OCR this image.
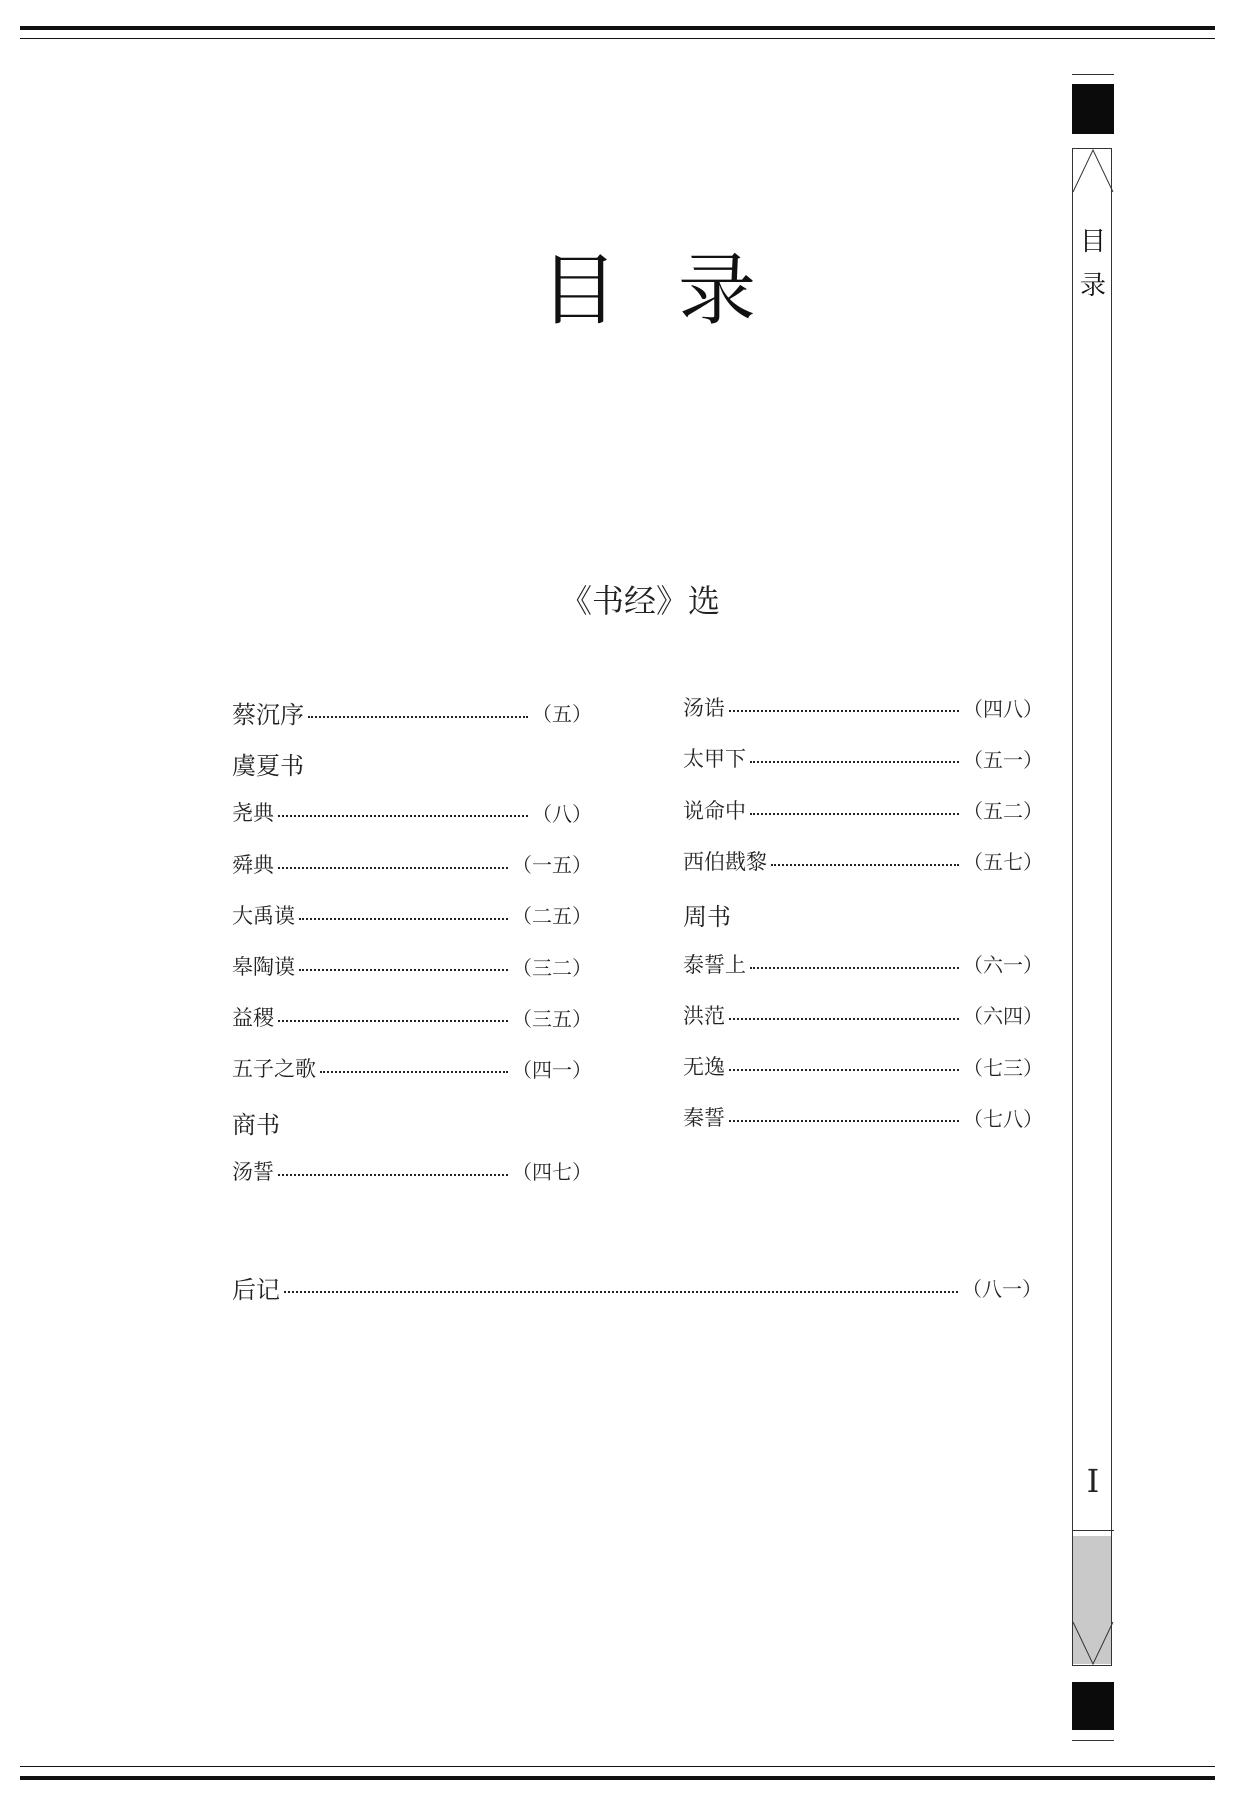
目
录
I
目录
《书经》选
蔡沉序	（五）
虞夏书
尧典	（八）
舜典	（一五）
大禹谟	（二五）
皋陶谟	（三二）
益稷	（三五）
五子之歌	（四一）
商书
汤誓	（四七）
汤诰	（四八）
太甲下	（五一）
说命中	（五二）
西伯戡黎	（五七）
周书
泰誓上	（六一）
洪范	（六四）
无逸	（七三）
秦誓	（七八）
后记	（八一）
